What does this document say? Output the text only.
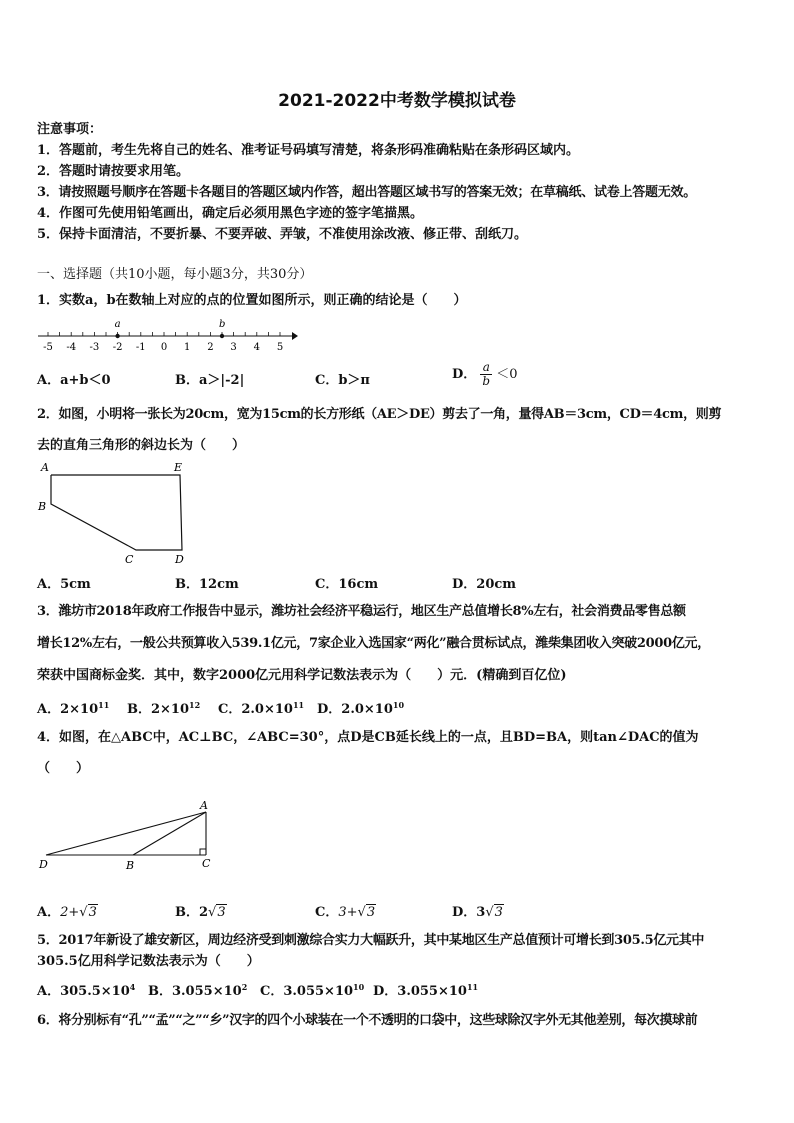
2021-2022中考数学模拟试卷
注意事项：
1．答题前，考生先将自己的姓名、准考证号码填写清楚，将条形码准确粘贴在条形码区域内。
2．答题时请按要求用笔。
3．请按照题号顺序在答题卡各题目的答题区域内作答，超出答题区域书写的答案无效；在草稿纸、试卷上答题无效。
4．作图可先使用铅笔画出，确定后必须用黑色字迹的签字笔描黑。
5．保持卡面清洁，不要折暴、不要弄破、弄皱，不准使用涂改液、修正带、刮纸刀。
一、选择题（共10小题，每小题3分，共30分）
1．实数a，b在数轴上对应的点的位置如图所示，则正确的结论是（　　）
-5 -4 -3 -2 -1 0 1 2 3 4 5
a	b
A．a+b＜0	B．a＞|-2|	C．b＞π	D． $\frac{a}{b} <0$
2．如图，小明将一张长为20cm，宽为15cm的长方形纸（AE＞DE）剪去了一角，量得AB＝3cm，CD＝4cm，则剪
去的直角三角形的斜边长为（　　）
A	E
B
C	D
A．5cm	B．12cm	C．16cm	D．20cm
3．潍坊市2018年政府工作报告中显示，潍坊社会经济平稳运行，地区生产总值增长8%左右，社会消费品零售总额
增长12%左右，一般公共预算收入539.1亿元，7家企业入选国家“两化”融合贯标试点，潍柴集团收入突破2000亿元，
荣获中国商标金奖．其中，数字2000亿元用科学记数法表示为（　　）元．(精确到百亿位)
A．$2\times 10^{11}$ B．$2\times 10^{12}$ C．$2.0\times 10^{11}$ D．$2.0\times 10^{10}$
4．如图，在△ABC中，AC⊥BC，∠ABC=30°，点D是CB延长线上的一点，且BD=BA，则tan∠DAC的值为
（　　）
A
D	B	C
A．2+√3	B．2√3	C．3+√3	D．3√3
5．2017年新设了雄安新区，周边经济受到刺激综合实力大幅跃升，其中某地区生产总值预计可增长到305.5亿元其中
305.5亿用科学记数法表示为（　　）
A．$305.5\times 10^4$ B．$3.055\times 10^2$ C．$3.055\times 10^{10}$ D．$3.055\times 10^{11}$
6．将分别标有“孔”“孟”“之”“乡”汉字的四个小球装在一个不透明的口袋中，这些球除汉字外无其他差别，每次摸球前
